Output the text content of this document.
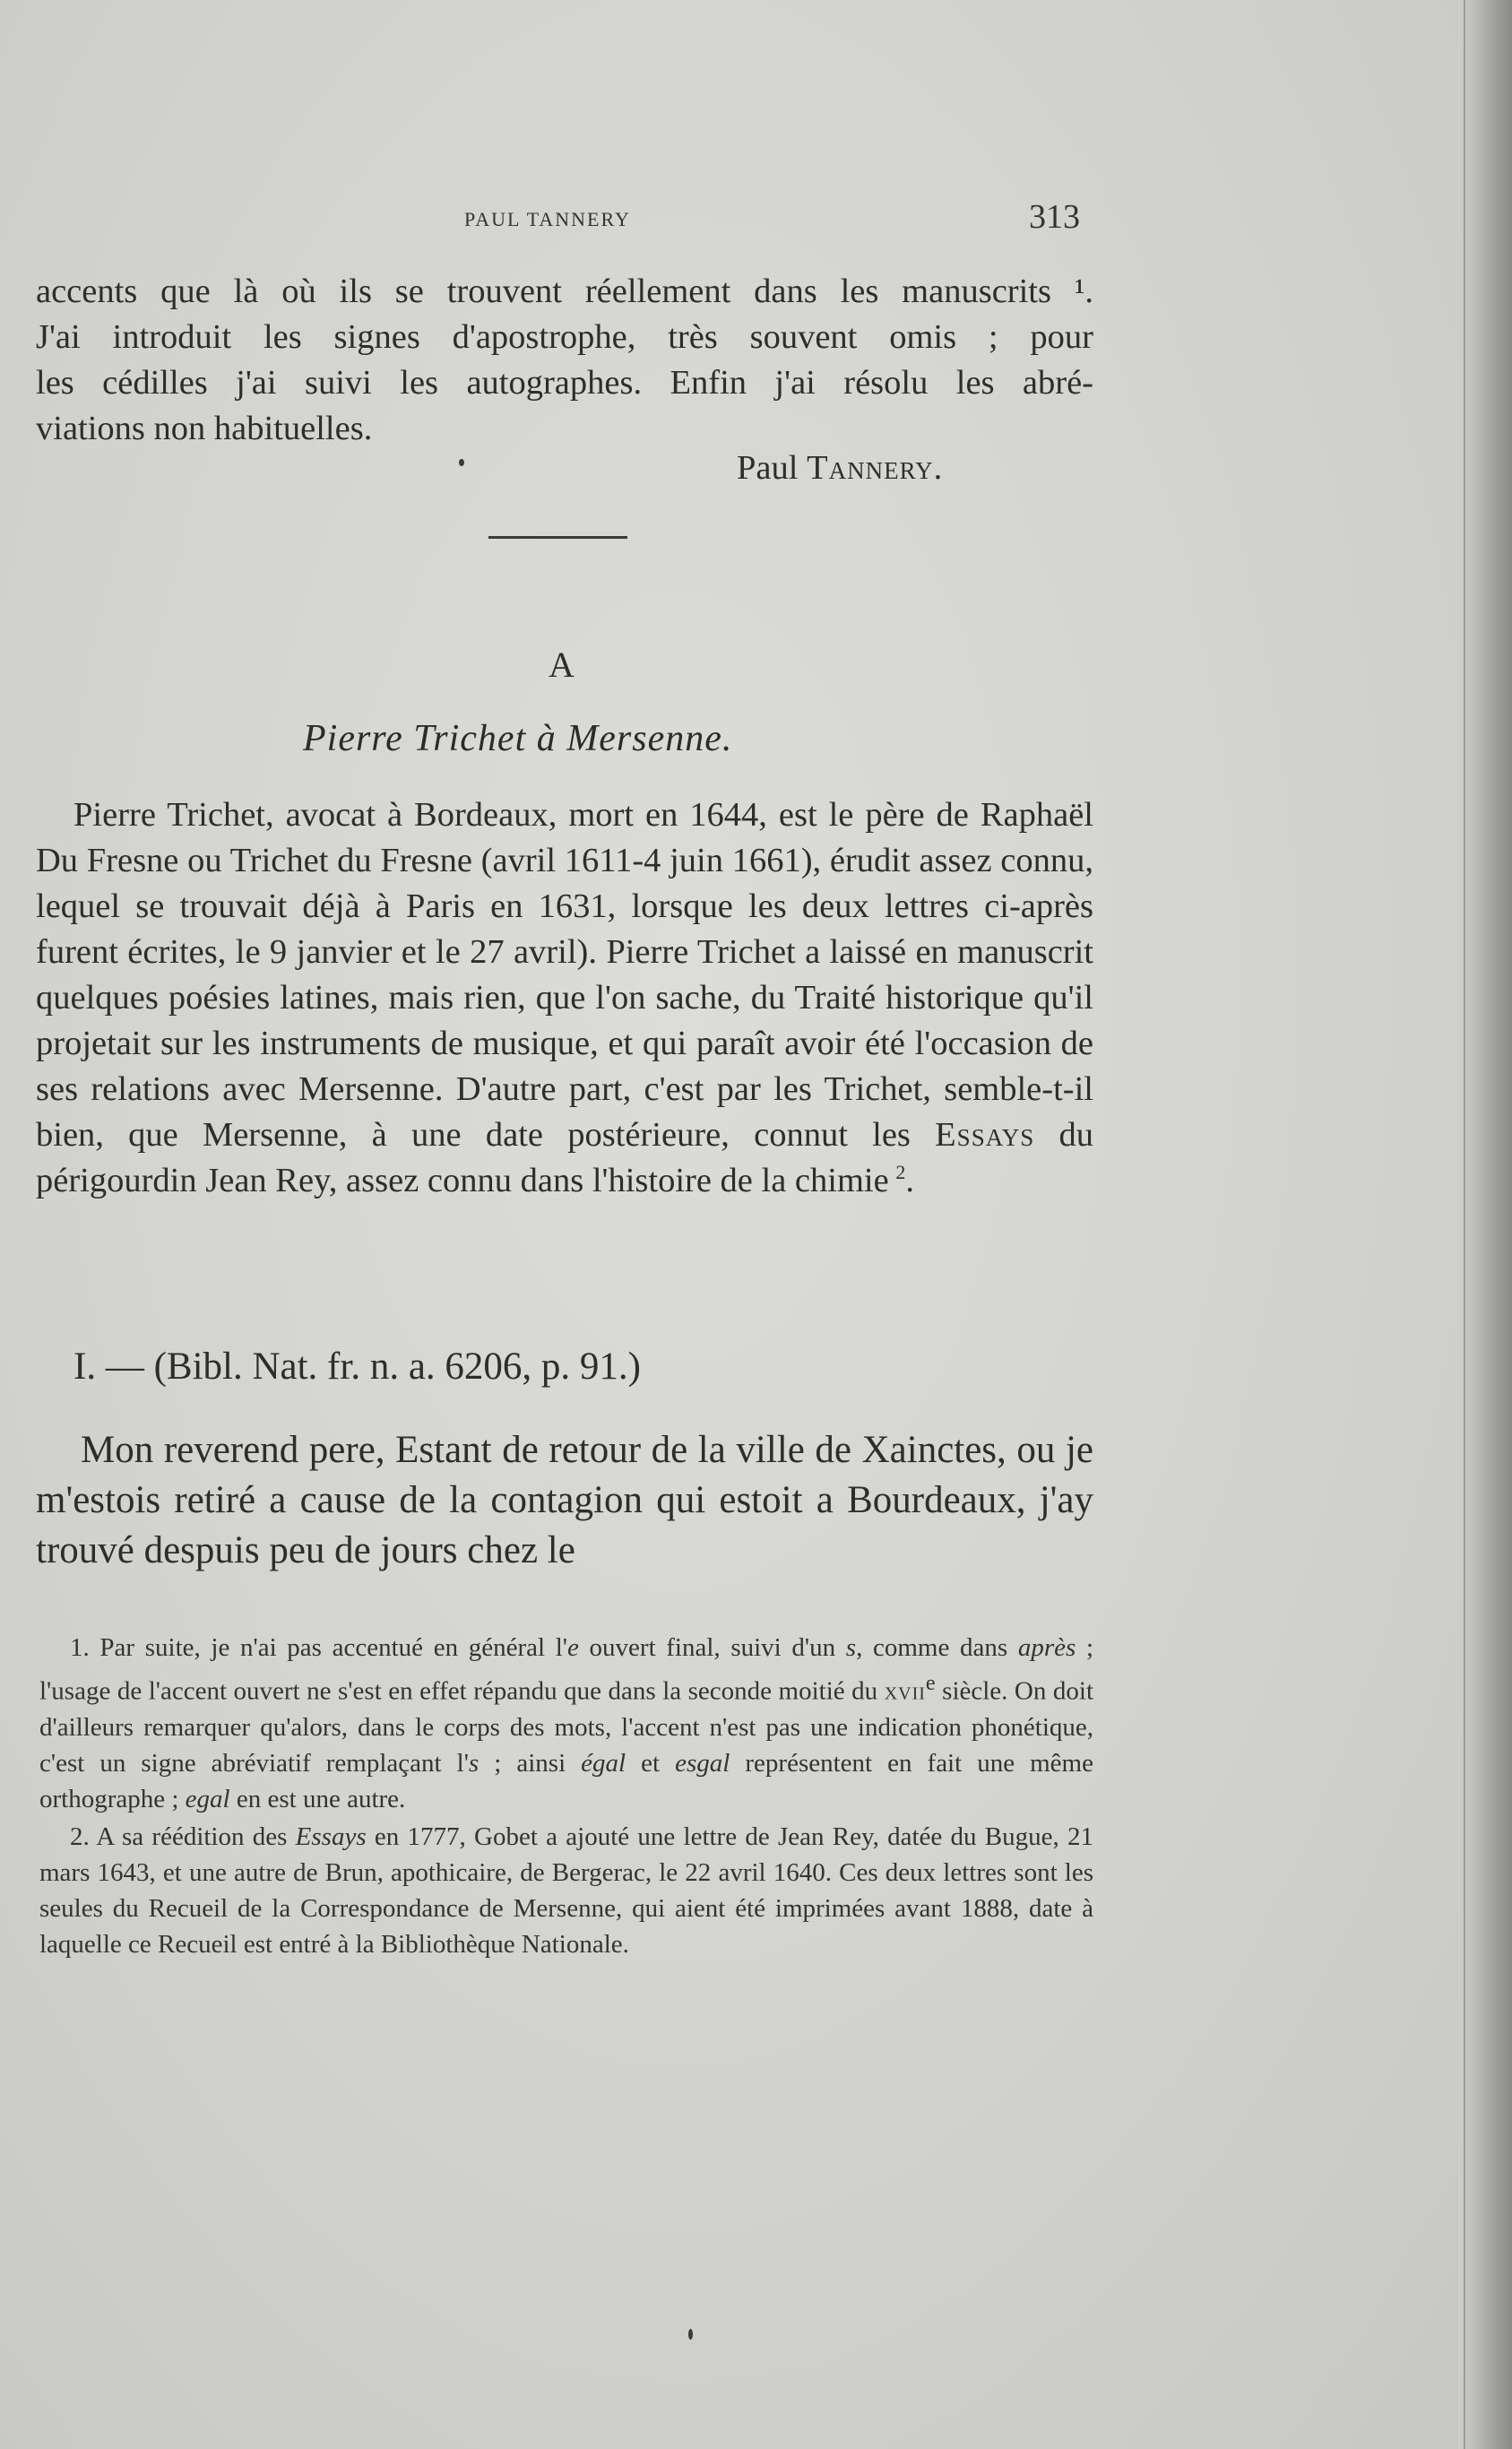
PAUL TANNERY	313
accents que là où ils se trouvent réellement dans les manuscrits ¹.
J'ai introduit les signes d'apostrophe, très souvent omis ; pour
les cédilles j'ai suivi les autographes. Enfin j'ai résolu les abré-
viations non habituelles.
Paul Tannery.
A
Pierre Trichet à Mersenne.
Pierre Trichet, avocat à Bordeaux, mort en 1644, est le père de Raphaël Du Fresne ou Trichet du Fresne (avril 1611-4 juin 1661), érudit assez connu, lequel se trouvait déjà à Paris en 1631, lorsque les deux lettres ci-après furent écrites, le 9 janvier et le 27 avril). Pierre Trichet a laissé en manuscrit quelques poésies latines, mais rien, que l'on sache, du Traité historique qu'il projetait sur les instruments de musique, et qui paraît avoir été l'occasion de ses relations avec Mersenne. D'autre part, c'est par les Trichet, semble-t-il bien, que Mersenne, à une date postérieure, connut les Essays du périgourdin Jean Rey, assez connu dans l'histoire de la chimie  $^2$.
I. — (Bibl. Nat. fr. n. a. 6206, p. 91.)
Mon reverend pere, Estant de retour de la ville de Xainctes, ou je m'estois retiré a cause de la contagion qui estoit a Bourdeaux, j'ay trouvé despuis peu de jours chez le

1. Par suite, je n'ai pas accentué en général l'e ouvert final, suivi d'un s, comme dans après ; l'usage de l'accent ouvert ne s'est en effet répandu que dans la seconde moitié du xvii$^e$ siècle. On doit d'ailleurs remarquer qu'alors, dans le corps des mots, l'accent n'est pas une indication phonétique, c'est un signe abréviatif remplaçant l's ; ainsi égal et esgal représentent en fait une même orthographe ; egal en est une autre.

2. A sa réédition des Essays en 1777, Gobet a ajouté une lettre de Jean Rey, datée du Bugue, 21 mars 1643, et une autre de Brun, apothicaire, de Bergerac, le 22 avril 1640. Ces deux lettres sont les seules du Recueil de la Correspondance de Mersenne, qui aient été imprimées avant 1888, date à laquelle ce Recueil est entré à la Bibliothèque Nationale.
